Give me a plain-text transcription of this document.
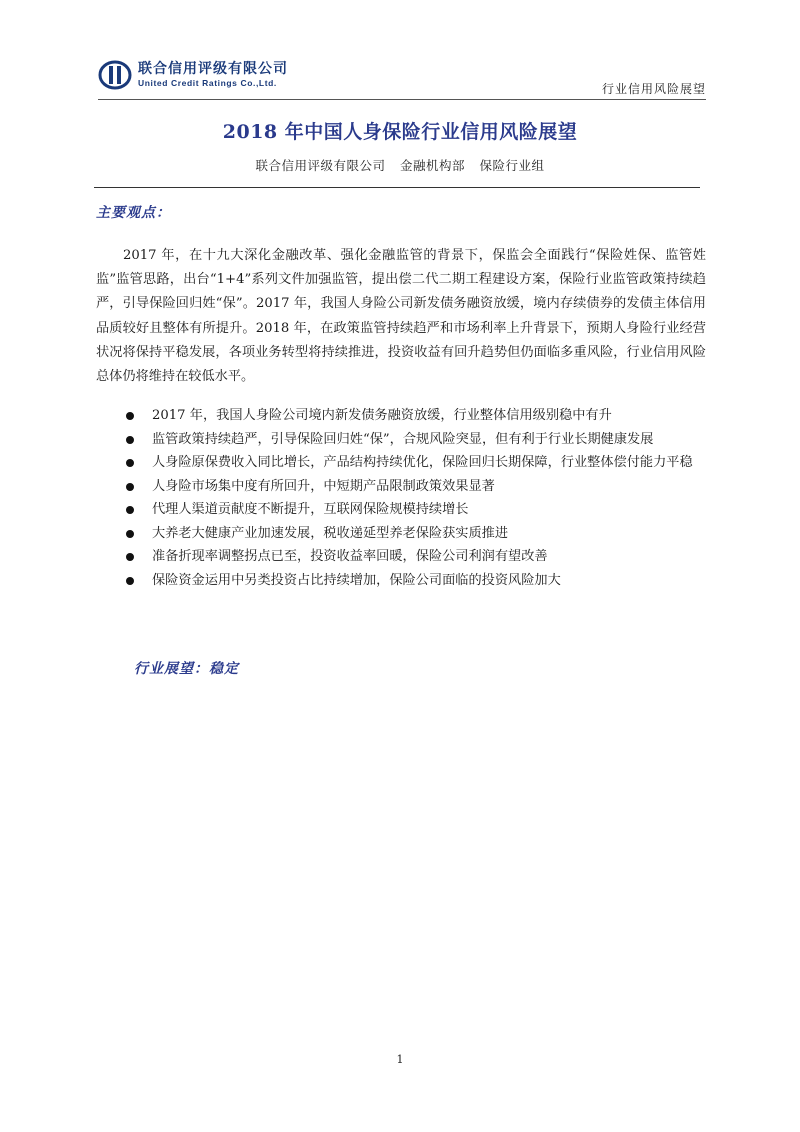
联合信用评级有限公司
United Credit Ratings Co.,Ltd.	行业信用风险展望
2018 年中国人身保险行业信用风险展望
联合信用评级有限公司 金融机构部 保险行业组
主要观点：
2017 年，在十九大深化金融改革、强化金融监管的背景下，保监会全面践行“保险姓保、监管姓监”监管思路，出台“1+4”系列文件加强监管，提出偿二代二期工程建设方案，保险行业监管政策持续趋严，引导保险回归姓“保”。2017 年，我国人身险公司新发债务融资放缓，境内存续债券的发债主体信用品质较好且整体有所提升。2018 年，在政策监管持续趋严和市场利率上升背景下，预期人身险行业经营状况将保持平稳发展，各项业务转型将持续推进，投资收益有回升趋势但仍面临多重风险，行业信用风险总体仍将维持在较低水平。
2017 年，我国人身险公司境内新发债务融资放缓，行业整体信用级别稳中有升
监管政策持续趋严，引导保险回归姓“保”，合规风险突显，但有利于行业长期健康发展
人身险原保费收入同比增长，产品结构持续优化，保险回归长期保障，行业整体偿付能力平稳
人身险市场集中度有所回升，中短期产品限制政策效果显著
代理人渠道贡献度不断提升，互联网保险规模持续增长
大养老大健康产业加速发展，税收递延型养老保险获实质推进
准备折现率调整拐点已至，投资收益率回暖，保险公司利润有望改善
保险资金运用中另类投资占比持续增加，保险公司面临的投资风险加大
行业展望：稳定
1
